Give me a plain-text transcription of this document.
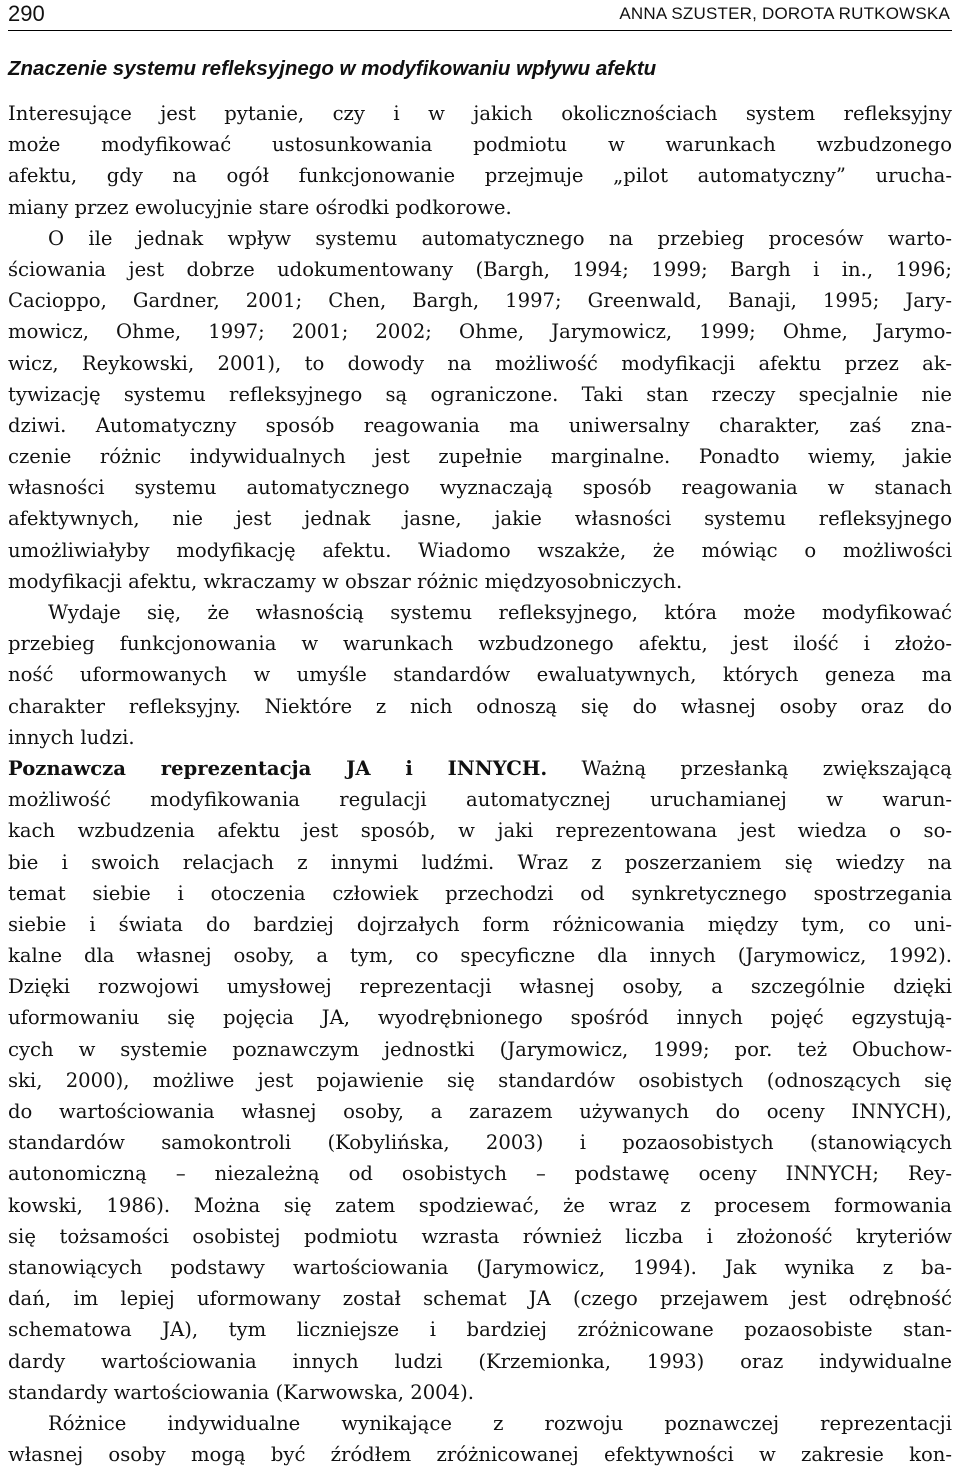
290	ANNA SZUSTER, DOROTA RUTKOWSKA
Znaczenie systemu refleksyjnego w modyfikowaniu wpływu afektu
Interesujące jest pytanie, czy i w jakich okolicznościach system refleksyjny
może modyfikować ustosunkowania podmiotu w warunkach wzbudzonego
afektu, gdy na ogół funkcjonowanie przejmuje „pilot automatyczny” urucha-
miany przez ewolucyjnie stare ośrodki podkorowe.
O ile jednak wpływ systemu automatycznego na przebieg procesów warto-
ściowania jest dobrze udokumentowany (Bargh, 1994; 1999; Bargh i in., 1996;
Cacioppo, Gardner, 2001; Chen, Bargh, 1997; Greenwald, Banaji, 1995; Jary-
mowicz, Ohme, 1997; 2001; 2002; Ohme, Jarymowicz, 1999; Ohme, Jarymo-
wicz, Reykowski, 2001), to dowody na możliwość modyfikacji afektu przez ak-
tywizację systemu refleksyjnego są ograniczone. Taki stan rzeczy specjalnie nie
dziwi. Automatyczny sposób reagowania ma uniwersalny charakter, zaś zna-
czenie różnic indywidualnych jest zupełnie marginalne. Ponadto wiemy, jakie
własności systemu automatycznego wyznaczają sposób reagowania w stanach
afektywnych, nie jest jednak jasne, jakie własności systemu refleksyjnego
umożliwiałyby modyfikację afektu. Wiadomo wszakże, że mówiąc o możliwości
modyfikacji afektu, wkraczamy w obszar różnic międzyosobniczych.
Wydaje się, że własnością systemu refleksyjnego, która może modyfikować
przebieg funkcjonowania w warunkach wzbudzonego afektu, jest ilość i złożo-
ność uformowanych w umyśle standardów ewaluatywnych, których geneza ma
charakter refleksyjny. Niektóre z nich odnoszą się do własnej osoby oraz do
innych ludzi.
Poznawcza reprezentacja JA i INNYCH. Ważną przesłanką zwiększającą
możliwość modyfikowania regulacji automatycznej uruchamianej w warun-
kach wzbudzenia afektu jest sposób, w jaki reprezentowana jest wiedza o so-
bie i swoich relacjach z innymi ludźmi. Wraz z poszerzaniem się wiedzy na
temat siebie i otoczenia człowiek przechodzi od synkretycznego spostrzegania
siebie i świata do bardziej dojrzałych form różnicowania między tym, co uni-
kalne dla własnej osoby, a tym, co specyficzne dla innych (Jarymowicz, 1992).
Dzięki rozwojowi umysłowej reprezentacji własnej osoby, a szczególnie dzięki
uformowaniu się pojęcia JA, wyodrębnionego spośród innych pojęć egzystują-
cych w systemie poznawczym jednostki (Jarymowicz, 1999; por. też Obuchow-
ski, 2000), możliwe jest pojawienie się standardów osobistych (odnoszących się
do wartościowania własnej osoby, a zarazem używanych do oceny INNYCH),
standardów samokontroli (Kobylińska, 2003) i pozaosobistych (stanowiących
autonomiczną – niezależną od osobistych – podstawę oceny INNYCH; Rey-
kowski, 1986). Można się zatem spodziewać, że wraz z procesem formowania
się tożsamości osobistej podmiotu wzrasta również liczba i złożoność kryteriów
stanowiących podstawy wartościowania (Jarymowicz, 1994). Jak wynika z ba-
dań, im lepiej uformowany został schemat JA (czego przejawem jest odrębność
schematowa JA), tym liczniejsze i bardziej zróżnicowane pozaosobiste stan-
dardy wartościowania innych ludzi (Krzemionka, 1993) oraz indywidualne
standardy wartościowania (Karwowska, 2004).
Różnice indywidualne wynikające z rozwoju poznawczej reprezentacji
własnej osoby mogą być źródłem zróżnicowanej efektywności w zakresie kon-
